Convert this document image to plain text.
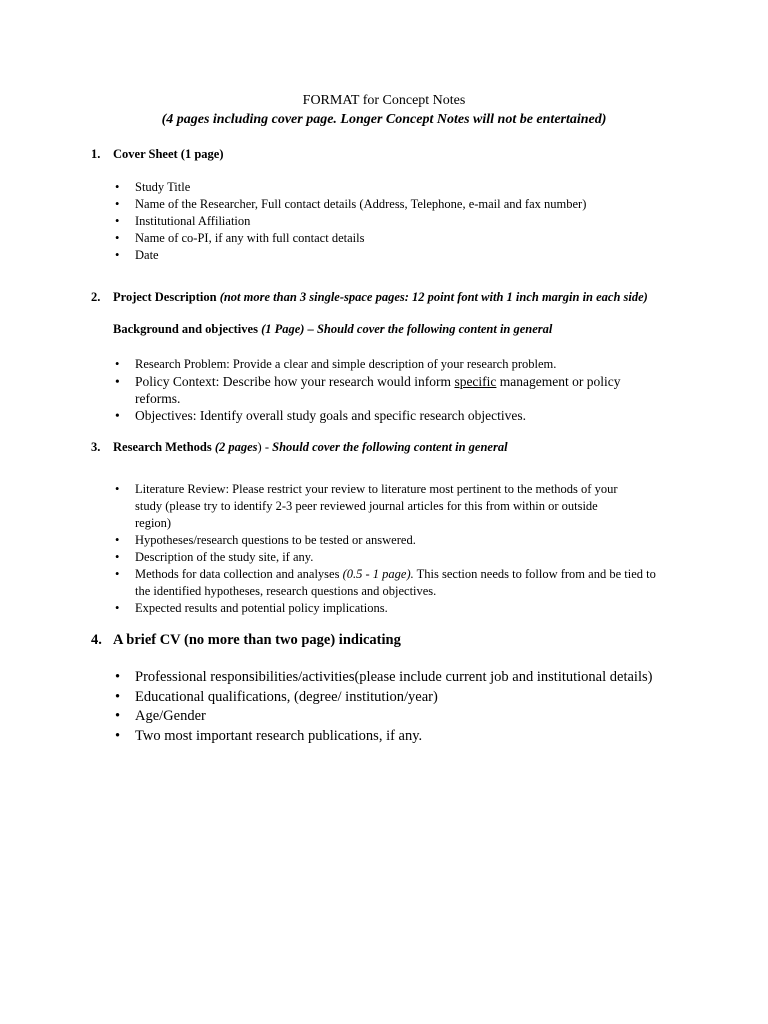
FORMAT for Concept Notes
(4 pages including cover page. Longer Concept Notes will not be entertained)
1. Cover Sheet (1 page)
• Study Title
• Name of the Researcher, Full contact details (Address, Telephone, e-mail and fax number)
• Institutional Affiliation
• Name of co-PI, if any with full contact details
• Date
2. Project Description (not more than 3 single-space pages: 12 point font with 1 inch margin in each side)
Background and objectives (1 Page) – Should cover the following content in general
• Research Problem: Provide a clear and simple description of your research problem.
• Policy Context: Describe how your research would inform specific management or policy
reforms.
• Objectives: Identify overall study goals and specific research objectives.
3. Research Methods (2 pages) - Should cover the following content in general
• Literature Review: Please restrict your review to literature most pertinent to the methods of your
study (please try to identify 2-3 peer reviewed journal articles for this from within or outside
region)
• Hypotheses/research questions to be tested or answered.
• Description of the study site, if any.
• Methods for data collection and analyses (0.5 - 1 page). This section needs to follow from and be tied to
the identified hypotheses, research questions and objectives.
• Expected results and potential policy implications.
4. A brief CV (no more than two page) indicating
• Professional responsibilities/activities(please include current job and institutional details)
• Educational qualifications, (degree/ institution/year)
• Age/Gender
• Two most important research publications, if any.
